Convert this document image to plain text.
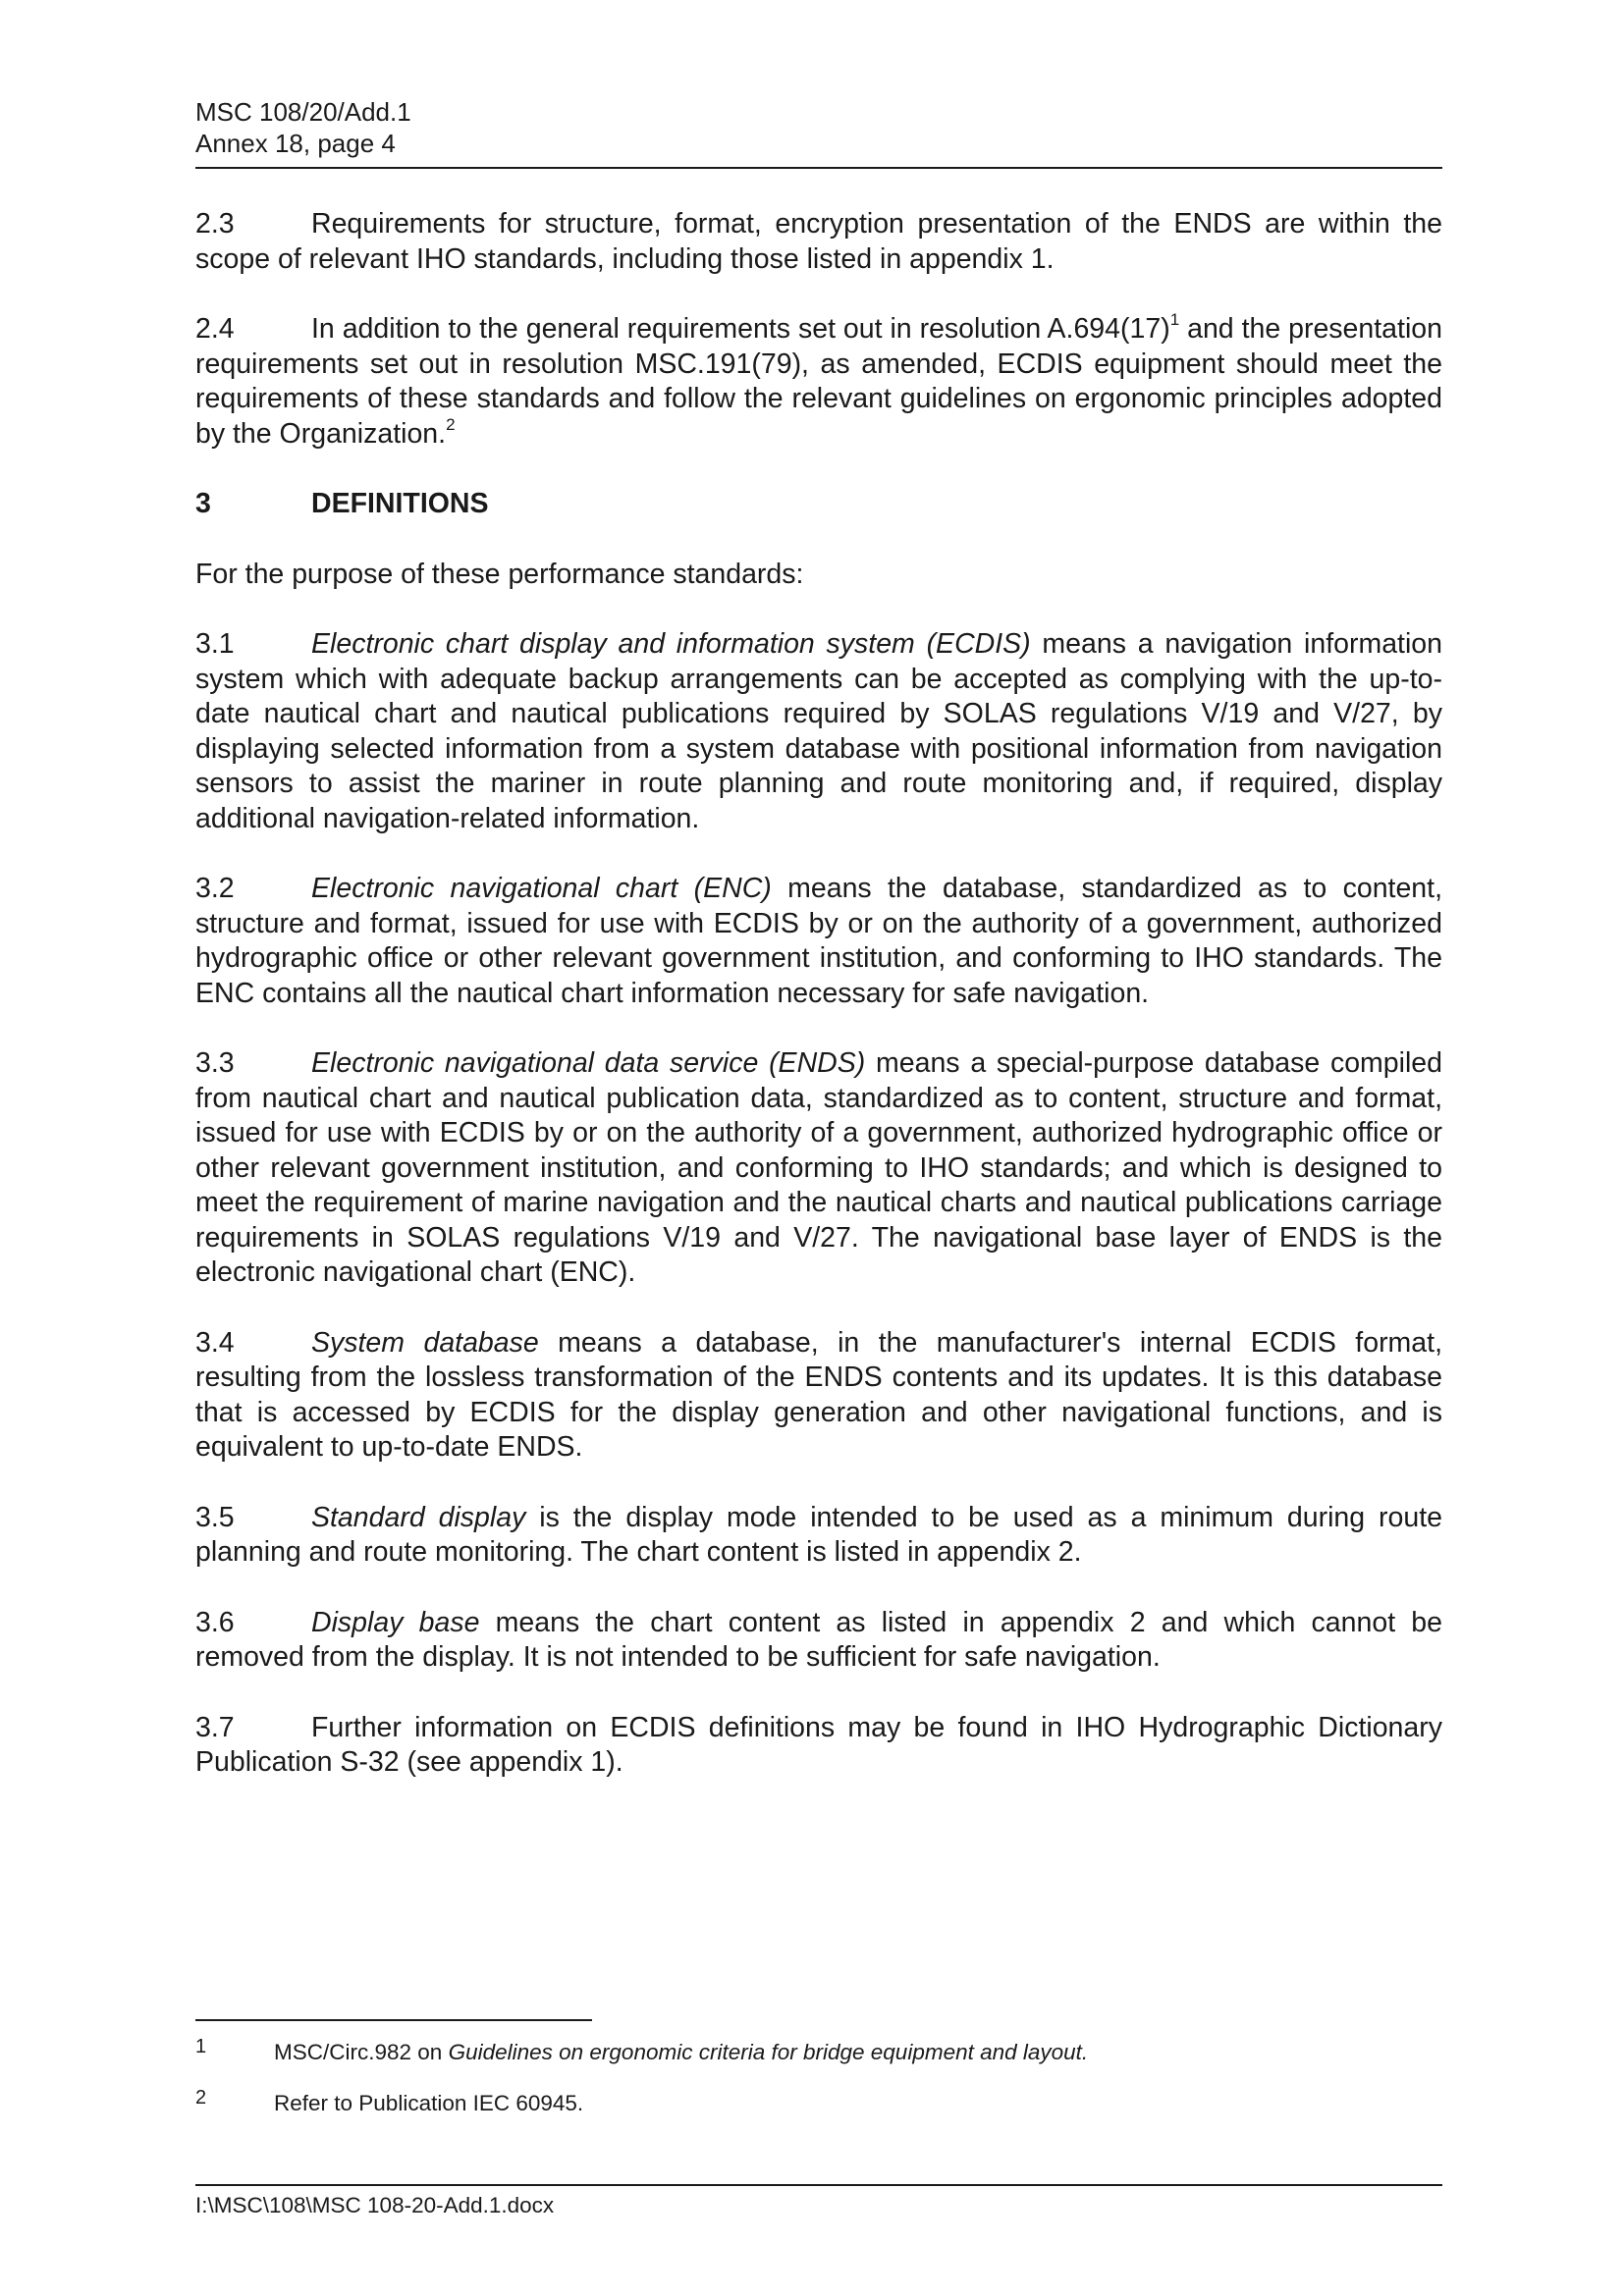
MSC 108/20/Add.1
Annex 18, page 4

2.3	Requirements for structure, format, encryption presentation of the ENDS are within the scope of relevant IHO standards, including those listed in appendix 1.

2.4	In addition to the general requirements set out in resolution $A.694(17)^1$ and the presentation requirements set out in resolution MSC.191(79), as amended, ECDIS equipment should meet the requirements of these standards and follow the relevant guidelines on ergonomic principles adopted by the Organization.$^2$

3	DEFINITIONS

For the purpose of these performance standards:

3.1	Electronic chart display and information system (ECDIS) means a navigation information system which with adequate backup arrangements can be accepted as complying with the up-to-date nautical chart and nautical publications required by SOLAS regulations V/19 and V/27, by displaying selected information from a system database with positional information from navigation sensors to assist the mariner in route planning and route monitoring and, if required, display additional navigation-related information.

3.2	Electronic navigational chart (ENC) means the database, standardized as to content, structure and format, issued for use with ECDIS by or on the authority of a government, authorized hydrographic office or other relevant government institution, and conforming to IHO standards. The ENC contains all the nautical chart information necessary for safe navigation.

3.3	Electronic navigational data service (ENDS) means a special-purpose database compiled from nautical chart and nautical publication data, standardized as to content, structure and format, issued for use with ECDIS by or on the authority of a government, authorized hydrographic office or other relevant government institution, and conforming to IHO standards; and which is designed to meet the requirement of marine navigation and the nautical charts and nautical publications carriage requirements in SOLAS regulations V/19 and V/27. The navigational base layer of ENDS is the electronic navigational chart (ENC).

3.4	System database means a database, in the manufacturer's internal ECDIS format, resulting from the lossless transformation of the ENDS contents and its updates. It is this database that is accessed by ECDIS for the display generation and other navigational functions, and is equivalent to up-to-date ENDS.

3.5	Standard display is the display mode intended to be used as a minimum during route planning and route monitoring. The chart content is listed in appendix 2.

3.6	Display base means the chart content as listed in appendix 2 and which cannot be removed from the display. It is not intended to be sufficient for safe navigation.

3.7	Further information on ECDIS definitions may be found in IHO Hydrographic Dictionary Publication S-32 (see appendix 1).

1	MSC/Circ.982 on Guidelines on ergonomic criteria for bridge equipment and layout.
2	Refer to Publication IEC 60945.
I:\MSC\108\MSC 108-20-Add.1.docx
